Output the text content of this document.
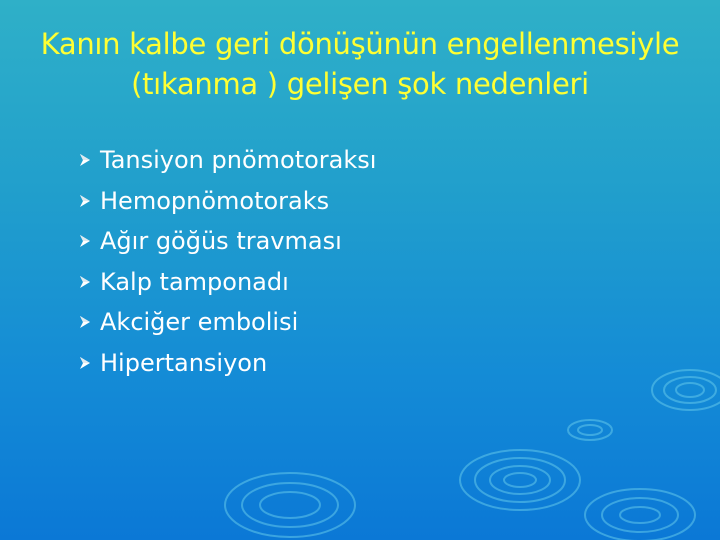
Kanın kalbe geri dönüşünün engellenmesiyle
(tıkanma ) gelişen şok nedenleri
Tansiyon pnömotoraksı
Hemopnömotoraks
Ağır göğüs travması
Kalp tamponadı
Akciğer embolisi
Hipertansiyon
